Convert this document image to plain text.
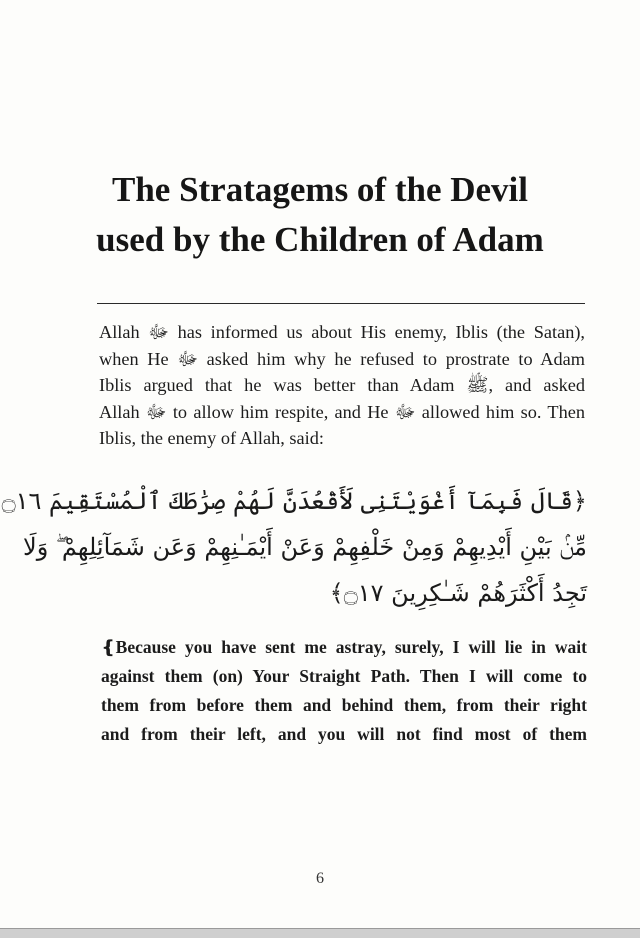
The Stratagems of the Devil
used by the Children of Adam
Allah ﷻ has informed us about His enemy, Iblis (the Satan),
when He ﷻ asked him why he refused to prostrate to Adam
Iblis argued that he was better than Adam ﷺ, and asked
Allah ﷻ to allow him respite, and He ﷻ allowed him so. Then
Iblis, the enemy of Allah, said:
﴿قَالَ فَبِمَآ أَغْوَيْتَنِى لَأَقْعُدَنَّ لَهُمْ صِرَٰطَكَ ٱلْمُسْتَقِيمَ ۝١٦
مِّنۢ بَيْنِ أَيْدِيهِمْ وَمِنْ خَلْفِهِمْ وَعَنْ أَيْمَـٰنِهِمْ وَعَن شَمَآئِلِهِمْ ۖ وَلَا
تَجِدُ أَكْثَرَهُمْ شَـٰكِرِينَ ۝١٧﴾
❴Because you have sent me astray, surely, I will lie in wait
against them (on) Your Straight Path. Then I will come to
them from before them and behind them, from their right
and from their left, and you will not find most of them
6
